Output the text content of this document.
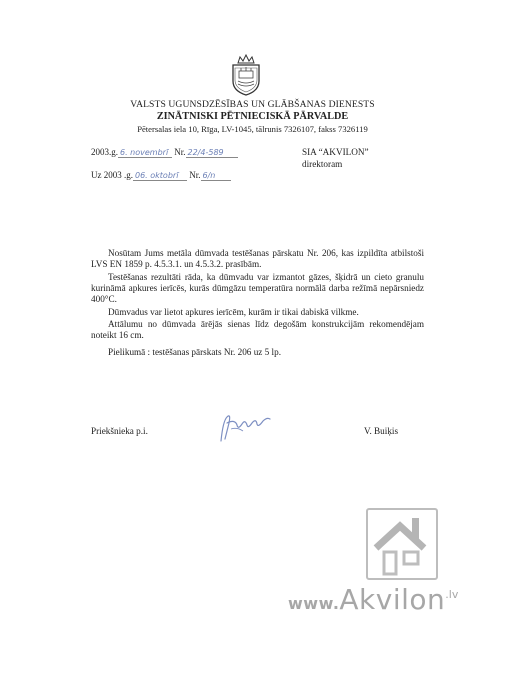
VALSTS UGUNSDZĒSĪBAS UN GLĀBŠANAS DIENESTS
ZINĀTNISKI PĒTNIECISKĀ PĀRVALDE
Pētersalas iela 10, Rīga, LV-1045, tālrunis 7326107, fakss 7326119
2003.g. 6. novembrī Nr. 22/4-589
Uz 2003 .g. 06. oktobrī Nr. 6/n
SIA “AKVILON”
direktoram

Nosūtam Jums metāla dūmvada testēšanas pārskatu Nr. 206, kas izpildīta atbilstoši LVS EN 1859 p. 4.5.3.1. un 4.5.3.2. prasībām.

Testēšanas rezultāti rāda, ka dūmvadu var izmantot gāzes, šķidrā un cieto granulu kurināmā apkures ierīcēs, kurās dūmgāzu temperatūra normālā darba režīmā nepārsniedz 400°C.

Dūmvadus var lietot apkures ierīcēm, kurām ir tikai dabiskā vilkme.

Attālumu no dūmvada ārējās sienas līdz degošām konstrukcijām rekomendējam noteikt 16 cm.

Pielikumā : testēšanas pārskats Nr. 206 uz 5 lp.
Priekšnieka p.i.	V. Buiķis
www.Akvilon$^{.lv}$
